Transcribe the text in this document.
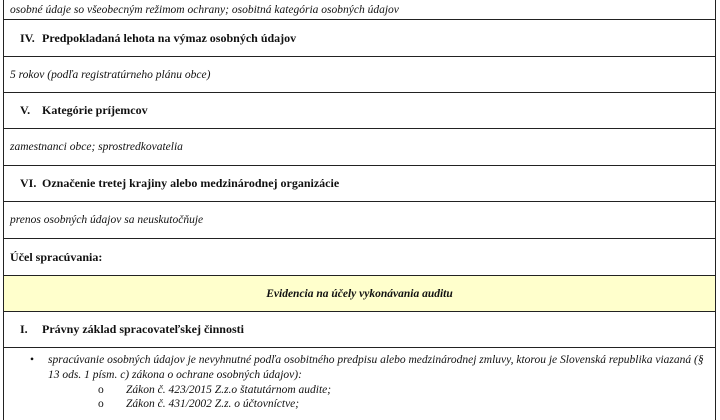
osobné údaje so všeobecným režimom ochrany; osobitná kategória osobných údajov
IV. Predpokladaná lehota na výmaz osobných údajov
5 rokov (podľa registratúrneho plánu obce)
V. Kategórie príjemcov
zamestnanci obce; sprostredkovatelia
VI. Označenie tretej krajiny alebo medzinárodnej organizácie
prenos osobných údajov sa neuskutočňuje
Účel spracúvania:
Evidencia na účely vykonávania auditu
I.	Právny základ spracovateľskej činnosti
•	spracúvanie osobných údajov je nevyhnutné podľa osobitného predpisu alebo medzinárodnej zmluvy, ktorou je Slovenská republika viazaná (§ 13 ods. 1 písm. c) zákona o ochrane osobných údajov):
o	Zákon č. 423/2015 Z.z.o štatutárnom audite;
o	Zákon č. 431/2002 Z.z. o účtovníctve;
